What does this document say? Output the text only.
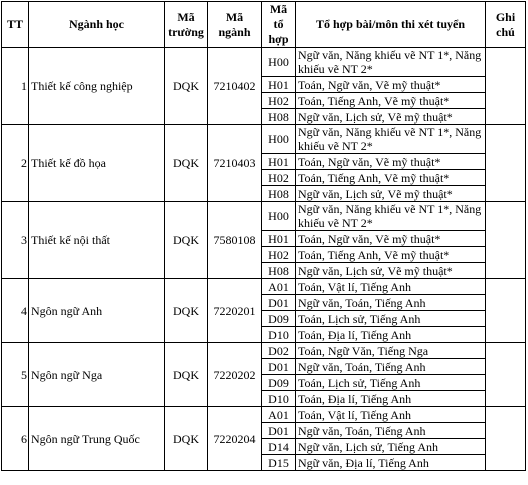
TT	Ngành học	Mã trường	Mã ngành	Mã tổ hợp	Tổ hợp bài/môn thi xét tuyển	Ghi chú
1	Thiết kế công nghiệp	DQK	7210402	H00	Ngữ văn, Năng khiếu vẽ NT 1*, Năng khiếu vẽ NT 2*	
				H01	Toán, Ngữ văn, Vẽ mỹ thuật*	
				H02	Toán, Tiếng Anh, Vẽ mỹ thuật*	
				H08	Ngữ văn, Lịch sử, Vẽ mỹ thuật*	
2	Thiết kế đồ họa	DQK	7210403	H00	Ngữ văn, Năng khiếu vẽ NT 1*, Năng khiếu vẽ NT 2*	
				H01	Toán, Ngữ văn, Vẽ mỹ thuật*	
				H02	Toán, Tiếng Anh, Vẽ mỹ thuật*	
				H08	Ngữ văn, Lịch sử, Vẽ mỹ thuật*	
3	Thiết kế nội thất	DQK	7580108	H00	Ngữ văn, Năng khiếu vẽ NT 1*, Năng khiếu vẽ NT 2*	
				H01	Toán, Ngữ văn, Vẽ mỹ thuật*	
				H02	Toán, Tiếng Anh, Vẽ mỹ thuật*	
				H08	Ngữ văn, Lịch sử, Vẽ mỹ thuật*	
4	Ngôn ngữ Anh	DQK	7220201	A01	Toán, Vật lí, Tiếng Anh	
				D01	Ngữ văn, Toán, Tiếng Anh	
				D09	Toán, Lịch sử, Tiếng Anh	
				D10	Toán, Địa lí, Tiếng Anh	
5	Ngôn ngữ Nga	DQK	7220202	D02	Toán, Ngữ Văn, Tiếng Nga	
				D01	Ngữ văn, Toán, Tiếng Anh	
				D09	Toán, Lịch sử, Tiếng Anh	
				D10	Toán, Địa lí, Tiếng Anh	
6	Ngôn ngữ Trung Quốc	DQK	7220204	A01	Toán, Vật lí, Tiếng Anh	
				D01	Ngữ văn, Toán, Tiếng Anh	
				D14	Ngữ văn, Lịch sử, Tiếng Anh	
				D15	Ngữ văn, Địa lí, Tiếng Anh	
